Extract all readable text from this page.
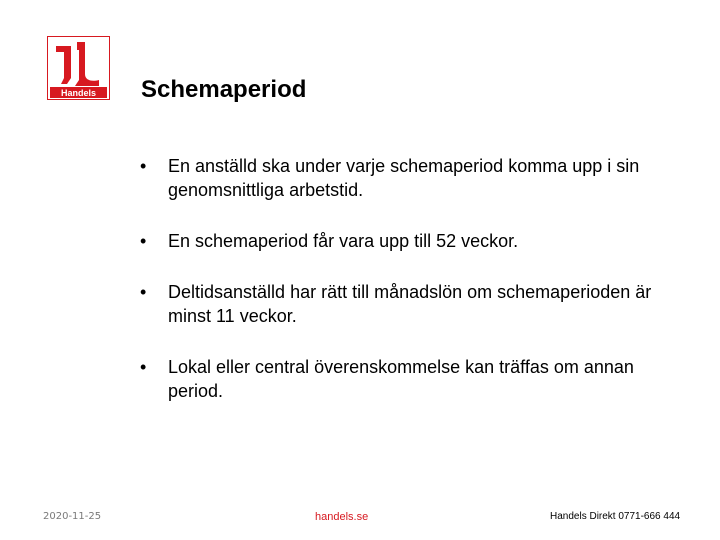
Handels Schemaperiod
• En anställd ska under varje schemaperiod komma upp i sin genomsnittliga arbetstid.
• En schemaperiod får vara upp till 52 veckor.
• Deltidsanställd har rätt till månadslön om schemaperioden är minst 11 veckor.
• Lokal eller central överenskommelse kan träffas om annan period.
2020-11-25	handels.se	Handels Direkt 0771-666 444
